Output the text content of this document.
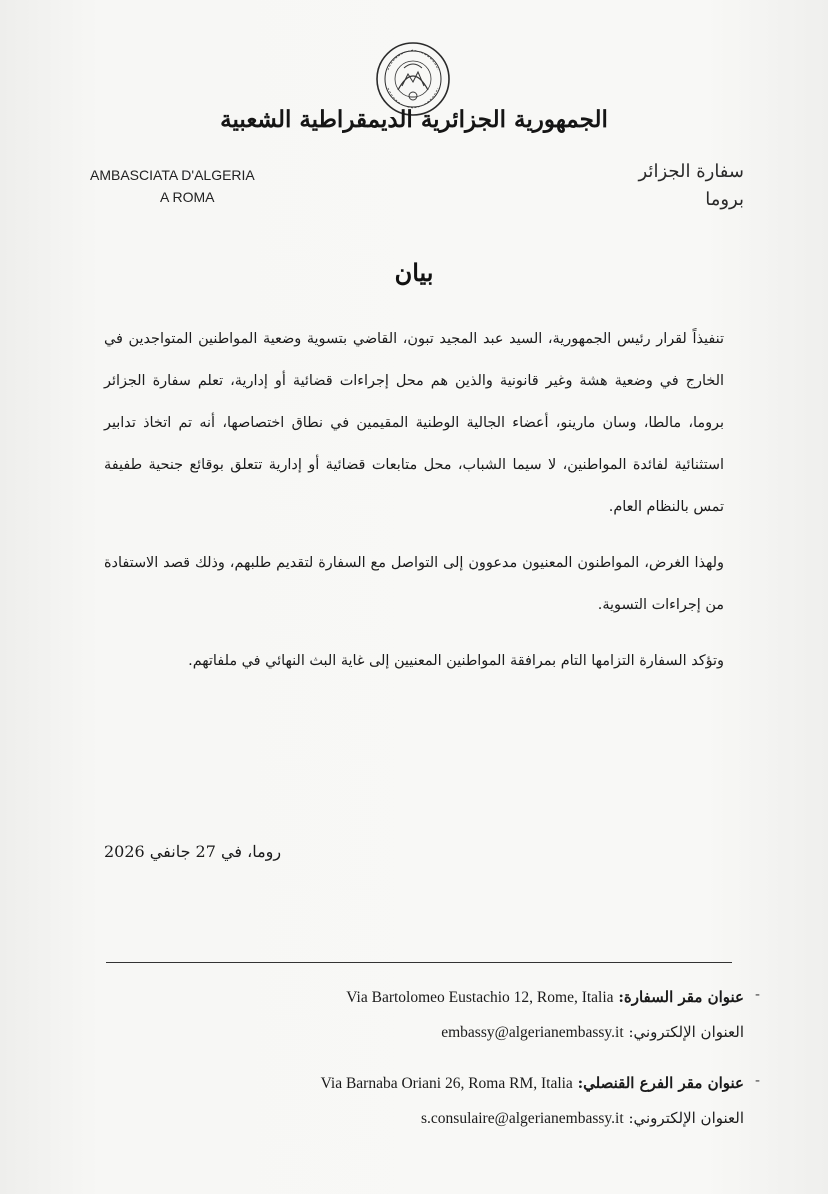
الجمهورية الجزائرية الديمقراطية الشعبية
AMBASCIATA D'ALGERIA
A ROMA
سفارة الجزائر
بروما
بيان

تنفيذاً لقرار رئيس الجمهورية، السيد عبد المجيد تبون، القاضي بتسوية وضعية المواطنين المتواجدين في الخارج في وضعية هشة وغير قانونية والذين هم محل إجراءات قضائية أو إدارية، تعلم سفارة الجزائر بروما، مالطا، وسان مارينو، أعضاء الجالية الوطنية المقيمين في نطاق اختصاصها، أنه تم اتخاذ تدابير استثنائية لفائدة المواطنين، لا سيما الشباب، محل متابعات قضائية أو إدارية تتعلق بوقائع جنحية طفيفة تمس بالنظام العام.

ولهذا الغرض، المواطنون المعنيون مدعوون إلى التواصل مع السفارة لتقديم طلبهم، وذلك قصد الاستفادة من إجراءات التسوية.

وتؤكد السفارة التزامها التام بمرافقة المواطنين المعنيين إلى غاية البث النهائي في ملفاتهم.

روما، في 27 جانفي 2026
-
عنوان مقر السفارة: Via Bartolomeo Eustachio 12, Rome, Italia
العنوان الإلكتروني: embassy@algerianembassy.it
-
عنوان مقر الفرع القنصلي: Via Barnaba Oriani 26, Roma RM, Italia
العنوان الإلكتروني: s.consulaire@algerianembassy.it
